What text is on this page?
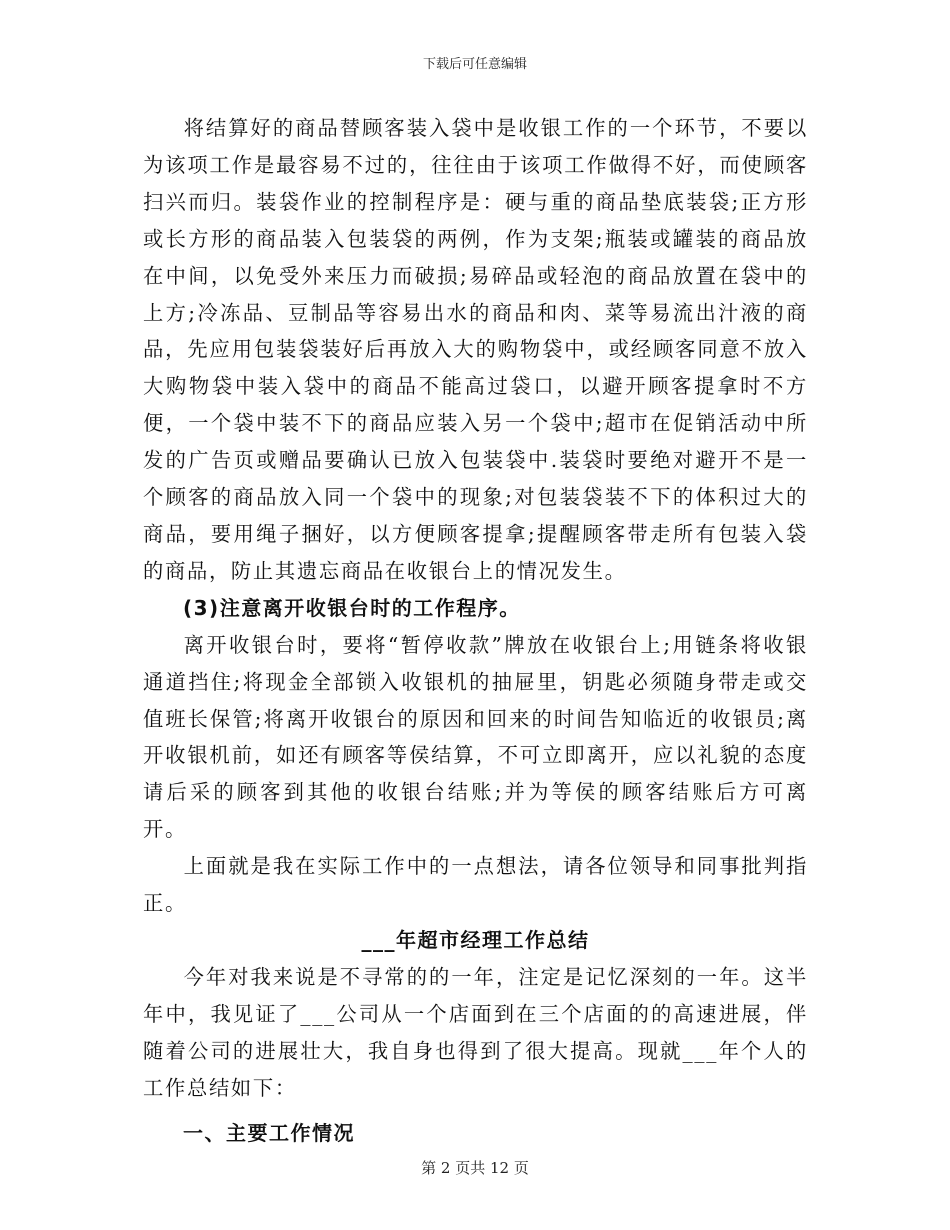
下载后可任意编辑

将结算好的商品替顾客装入袋中是收银工作的一个环节，不要以为该项工作是最容易不过的，往往由于该项工作做得不好，而使顾客扫兴而归。装袋作业的控制程序是：硬与重的商品垫底装袋;正方形或长方形的商品装入包装袋的两例，作为支架;瓶装或罐装的商品放在中间，以免受外来压力而破损;易碎品或轻泡的商品放置在袋中的上方;冷冻品、豆制品等容易出水的商品和肉、菜等易流出汁液的商品，先应用包装袋装好后再放入大的购物袋中，或经顾客同意不放入大购物袋中装入袋中的商品不能高过袋口，以避开顾客提拿时不方便，一个袋中装不下的商品应装入另一个袋中;超市在促销活动中所发的广告页或赠品要确认已放入包装袋中.装袋时要绝对避开不是一个顾客的商品放入同一个袋中的现象;对包装袋装不下的体积过大的商品，要用绳子捆好，以方便顾客提拿;提醒顾客带走所有包装入袋的商品，防止其遗忘商品在收银台上的情况发生。

(3)注意离开收银台时的工作程序。

离开收银台时，要将“暂停收款”牌放在收银台上;用链条将收银通道挡住;将现金全部锁入收银机的抽屉里，钥匙必须随身带走或交值班长保管;将离开收银台的原因和回来的时间告知临近的收银员;离开收银机前，如还有顾客等侯结算，不可立即离开，应以礼貌的态度请后采的顾客到其他的收银台结账;并为等侯的顾客结账后方可离开。

上面就是我在实际工作中的一点想法，请各位领导和同事批判指正。

___年超市经理工作总结

今年对我来说是不寻常的的一年，注定是记忆深刻的一年。这半年中，我见证了___公司从一个店面到在三个店面的的高速进展，伴随着公司的进展壮大，我自身也得到了很大提高。现就___年个人的工作总结如下：

一、主要工作情况

第 2 页共 12 页
